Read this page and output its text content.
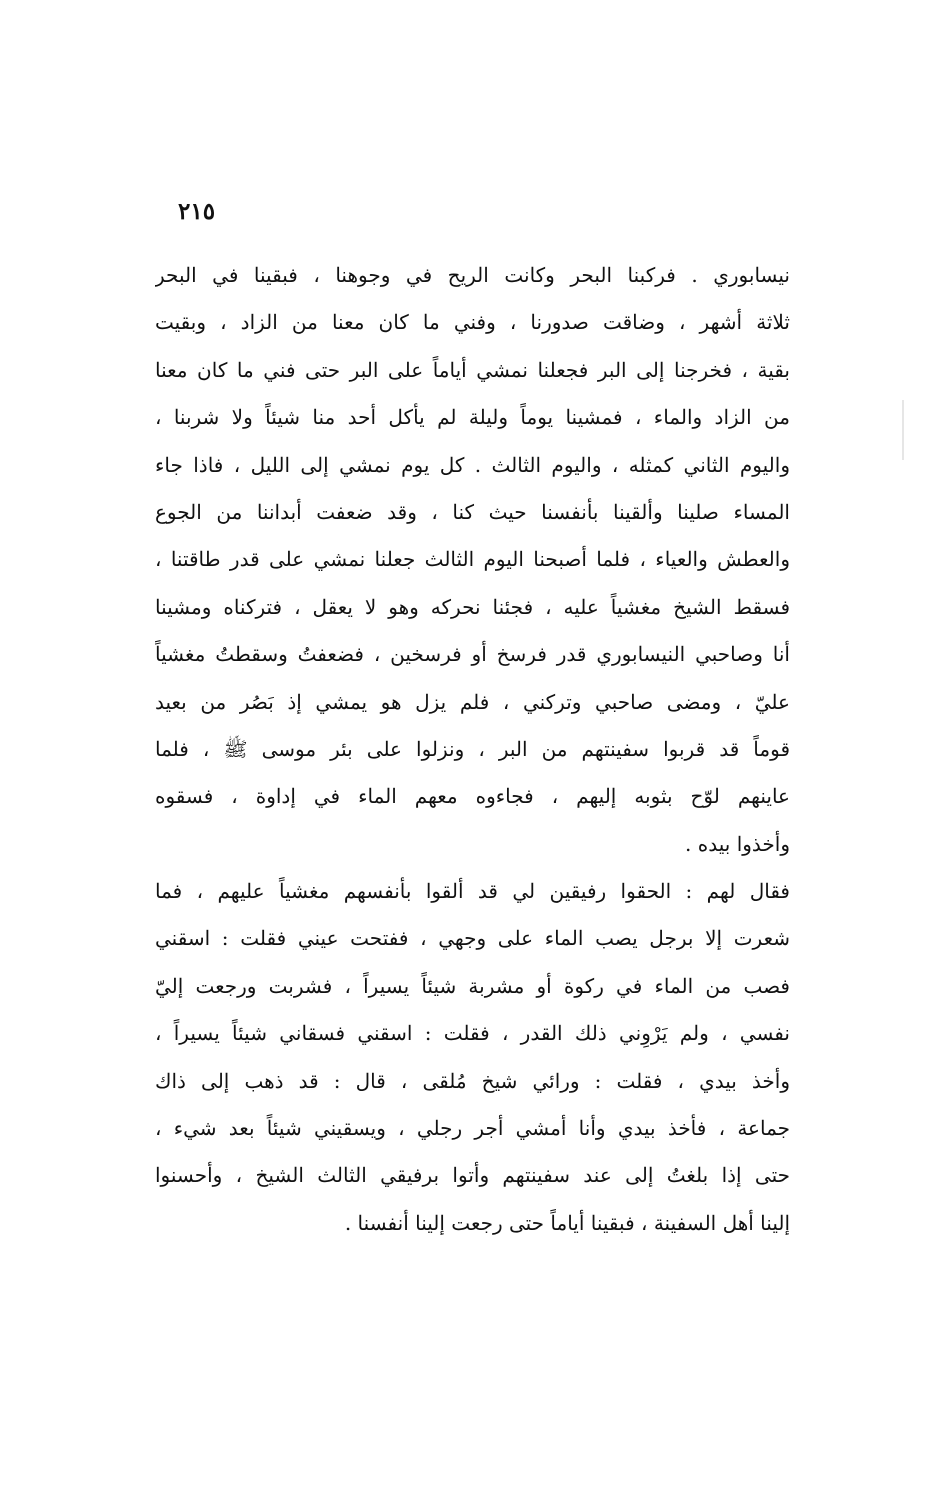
٢١٥
نيسابوري . فركبنا البحر وكانت الريح في وجوهنا ، فبقينا في البحر
ثلاثة أشهر ، وضاقت صدورنا ، وفني ما كان معنا من الزاد ، وبقيت
بقية ، فخرجنا إلى البر فجعلنا نمشي أياماً على البر حتى فني ما كان معنا
من الزاد والماء ، فمشينا يوماً وليلة لم يأكل أحد منا شيئاً ولا شربنا ،
واليوم الثاني كمثله ، واليوم الثالث . كل يوم نمشي إلى الليل ، فاذا جاء
المساء صلينا وألقينا بأنفسنا حيث كنا ، وقد ضعفت أبداننا من الجوع
والعطش والعياء ، فلما أصبحنا اليوم الثالث جعلنا نمشي على قدر طاقتنا ،
فسقط الشيخ مغشياً عليه ، فجئنا نحركه وهو لا يعقل ، فتركناه ومشينا
أنا وصاحبي النيسابوري قدر فرسخ أو فرسخين ، فضعفتُ وسقطتُ مغشياً
عليّ ، ومضى صاحبي وتركني ، فلم يزل هو يمشي إذ بَصُر من بعيد
قوماً قد قربوا سفينتهم من البر ، ونزلوا على بئر موسى ﷺ ، فلما
عاينهم لوّح بثوبه إليهم ، فجاءوه معهم الماء في إداوة ، فسقوه
وأخذوا بيده .
فقال لهم : الحقوا رفيقين لي قد ألقوا بأنفسهم مغشياً عليهم ، فما
شعرت إلا برجل يصب الماء على وجهي ، ففتحت عيني فقلت : اسقني
فصب من الماء في ركوة أو مشربة شيئاً يسيراً ، فشربت ورجعت إليّ
نفسي ، ولم يَرْوِني ذلك القدر ، فقلت : اسقني فسقاني شيئاً يسيراً ،
وأخذ بيدي ، فقلت : ورائي شيخ مُلقى ، قال : قد ذهب إلى ذاك
جماعة ، فأخذ بيدي وأنا أمشي أجر رجلي ، ويسقيني شيئاً بعد شيء ،
حتى إذا بلغتُ إلى عند سفينتهم وأتوا برفيقي الثالث الشيخ ، وأحسنوا
إلينا أهل السفينة ، فبقينا أياماً حتى رجعت إلينا أنفسنا .
